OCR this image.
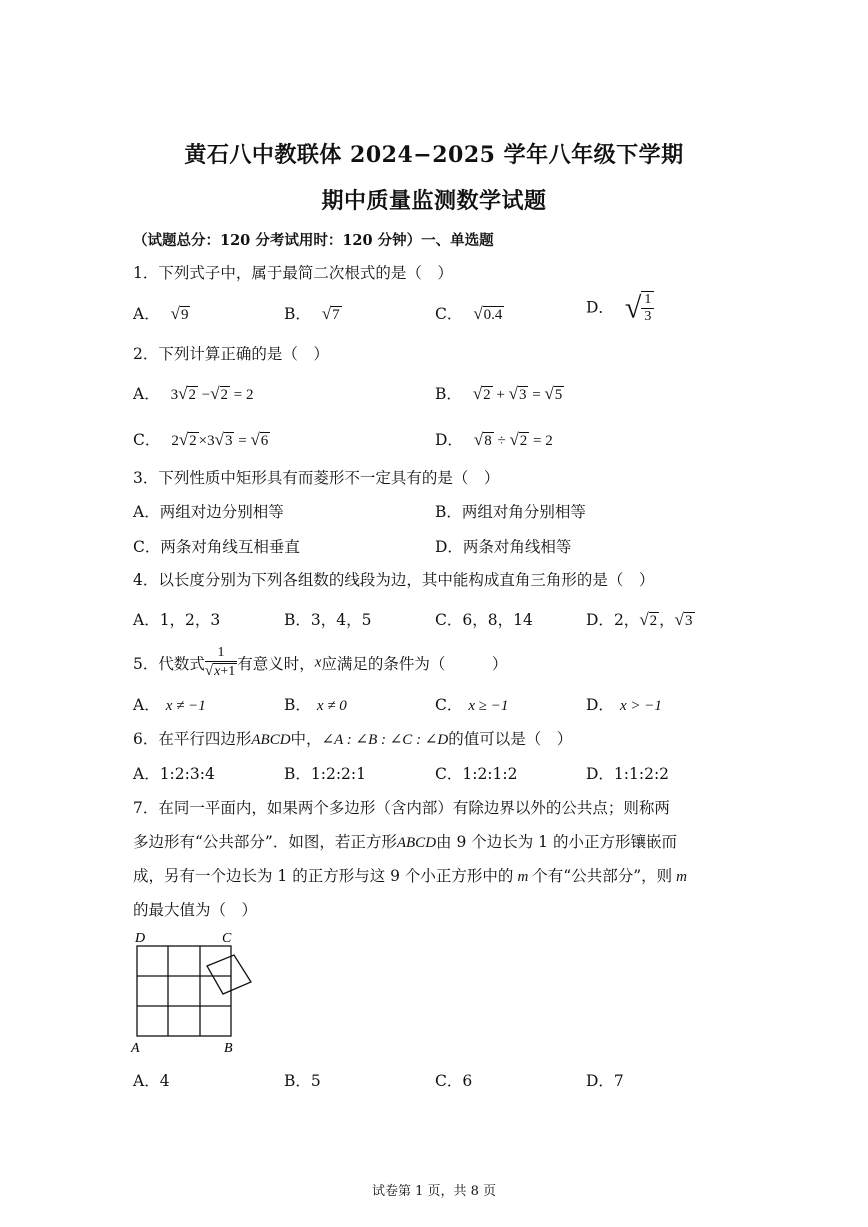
黄石八中教联体 2024−2025 学年八年级下学期
期中质量监测数学试题
（试题总分：120 分考试用时：120 分钟）一、单选题
1．下列式子中，属于最简二次根式的是（　）
A． √9	B． √7	C． √0.4	D． √ $\frac{1}{3}$
2．下列计算正确的是（　）
A． 3√2 −√2 = 2	B． √2 + √3 = √5
C． 2√2 ×3√3 = √6	D． √8 ÷ √2 = 2
3．下列性质中矩形具有而菱形不一定具有的是（　）
A．两组对边分别相等	B．两组对角分别相等
C．两条对角线互相垂直	D．两条对角线相等
4．以长度分别为下列各组数的线段为边，其中能构成直角三角形的是（　）
A．1，2，3	B．3，4，5	C．6，8，14	D．2，√2 ，√3
5．代数式 $\frac{1}{√x+1}$ 有意义时，x应满足的条件为（　　　）
A． x ≠ −1	B． x ≠ 0	C． x ≥ −1	D． x > −1
6．在平行四边形ABCD中，∠A : ∠B : ∠C : ∠D的值可以是（　）
A．1:2:3:4	B．1:2:2:1	C．1:2:1:2	D．1:1:2:2
7．在同一平面内，如果两个多边形（含内部）有除边界以外的公共点；则称两
多边形有“公共部分”．如图，若正方形ABCD由 9 个边长为 1 的小正方形镶嵌而
成，另有一个边长为 1 的正方形与这 9 个小正方形中的 m 个有“公共部分”，则 m
的最大值为（　）
D	C
A	B
A．4	B．5	C．6	D．7
试卷第 1 页，共 8 页
